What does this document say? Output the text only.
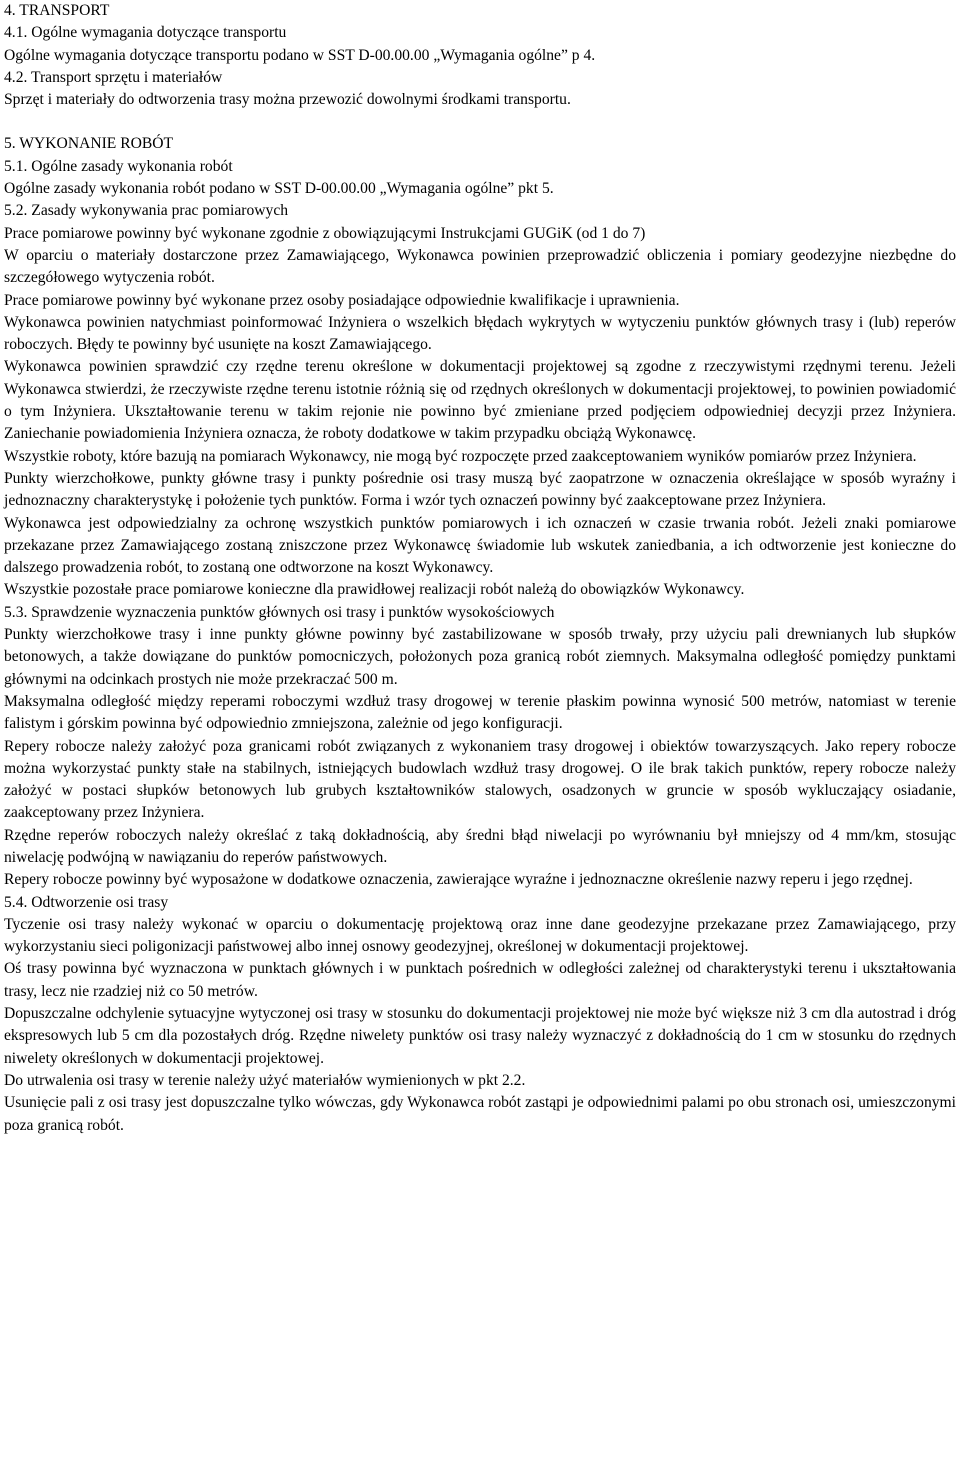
4. TRANSPORT

4.1. Ogólne wymagania dotyczące transportu

Ogólne wymagania dotyczące transportu podano w SST D-00.00.00 „Wymagania ogólne” p 4.

4.2. Transport sprzętu i materiałów

Sprzęt i materiały do odtworzenia trasy można przewozić dowolnymi środkami transportu.

5. WYKONANIE ROBÓT

5.1. Ogólne zasady wykonania robót

Ogólne zasady wykonania robót podano w SST D-00.00.00 „Wymagania ogólne” pkt 5.

5.2. Zasady wykonywania prac pomiarowych

Prace pomiarowe powinny być wykonane zgodnie z obowiązującymi Instrukcjami GUGiK (od 1 do 7)

W oparciu o materiały dostarczone przez Zamawiającego, Wykonawca powinien przeprowadzić obliczenia i pomiary geodezyjne niezbędne do szczegółowego wytyczenia robót.

Prace pomiarowe powinny być wykonane przez osoby posiadające odpowiednie kwalifikacje i uprawnienia.

Wykonawca powinien natychmiast poinformować Inżyniera o wszelkich błędach wykrytych w wytyczeniu punktów głównych trasy i (lub) reperów roboczych. Błędy te powinny być usunięte na koszt Zamawiającego.

Wykonawca powinien sprawdzić czy rzędne terenu określone w dokumentacji projektowej są zgodne z rzeczywistymi rzędnymi terenu. Jeżeli Wykonawca stwierdzi, że rzeczywiste rzędne terenu istotnie różnią się od rzędnych określonych w dokumentacji projektowej, to powinien powiadomić o tym Inżyniera. Ukształtowanie terenu w takim rejonie nie powinno być zmieniane przed podjęciem odpowiedniej decyzji przez Inżyniera. Zaniechanie powiadomienia Inżyniera oznacza, że roboty dodatkowe w takim przypadku obciążą Wykonawcę.

Wszystkie roboty, które bazują na pomiarach Wykonawcy, nie mogą być rozpoczęte przed zaakceptowaniem wyników pomiarów przez Inżyniera.

Punkty wierzchołkowe, punkty główne trasy i punkty pośrednie osi trasy muszą być zaopatrzone w oznaczenia określające w sposób wyraźny i jednoznaczny charakterystykę i położenie tych punktów. Forma i wzór tych oznaczeń powinny być zaakceptowane przez Inżyniera.

Wykonawca jest odpowiedzialny za ochronę wszystkich punktów pomiarowych i ich oznaczeń w czasie trwania robót. Jeżeli znaki pomiarowe przekazane przez Zamawiającego zostaną zniszczone przez Wykonawcę świadomie lub wskutek zaniedbania, a ich odtworzenie jest konieczne do dalszego prowadzenia robót, to zostaną one odtworzone na koszt Wykonawcy.

Wszystkie pozostałe prace pomiarowe konieczne dla prawidłowej realizacji robót należą do obowiązków Wykonawcy.

5.3. Sprawdzenie wyznaczenia punktów głównych osi trasy i punktów wysokościowych

Punkty wierzchołkowe trasy i inne punkty główne powinny być zastabilizowane w sposób trwały, przy użyciu pali drewnianych lub słupków betonowych, a także dowiązane do punktów pomocniczych, położonych poza granicą robót ziemnych. Maksymalna odległość pomiędzy punktami głównymi na odcinkach prostych nie może przekraczać 500 m.

Maksymalna odległość między reperami roboczymi wzdłuż trasy drogowej w terenie płaskim powinna wynosić 500 metrów, natomiast w terenie falistym i górskim powinna być odpowiednio zmniejszona, zależnie od jego konfiguracji.

Repery robocze należy założyć poza granicami robót związanych z wykonaniem trasy drogowej i obiektów towarzyszących. Jako repery robocze można wykorzystać punkty stałe na stabilnych, istniejących budowlach wzdłuż trasy drogowej. O ile brak takich punktów, repery robocze należy założyć w postaci słupków betonowych lub grubych kształtowników stalowych, osadzonych w gruncie w sposób wykluczający osiadanie, zaakceptowany przez Inżyniera.

Rzędne reperów roboczych należy określać z taką dokładnością, aby średni błąd niwelacji po wyrównaniu był mniejszy od 4 mm/km, stosując niwelację podwójną w nawiązaniu do reperów państwowych.

Repery robocze powinny być wyposażone w dodatkowe oznaczenia, zawierające wyraźne i jednoznaczne określenie nazwy reperu i jego rzędnej.

5.4. Odtworzenie osi trasy

Tyczenie osi trasy należy wykonać w oparciu o dokumentację projektową oraz inne dane geodezyjne przekazane przez Zamawiającego, przy wykorzystaniu sieci poligonizacji państwowej albo innej osnowy geodezyjnej, określonej w dokumentacji projektowej.

Oś trasy powinna być wyznaczona w punktach głównych i w punktach pośrednich w odległości zależnej od charakterystyki terenu i ukształtowania trasy, lecz nie rzadziej niż co 50 metrów.

Dopuszczalne odchylenie sytuacyjne wytyczonej osi trasy w stosunku do dokumentacji projektowej nie może być większe niż 3 cm dla autostrad i dróg ekspresowych lub 5 cm dla pozostałych dróg. Rzędne niwelety punktów osi trasy należy wyznaczyć z dokładnością do 1 cm w stosunku do rzędnych niwelety określonych w dokumentacji projektowej.

Do utrwalenia osi trasy w terenie należy użyć materiałów wymienionych w pkt 2.2.

Usunięcie pali z osi trasy jest dopuszczalne tylko wówczas, gdy Wykonawca robót zastąpi je odpowiednimi palami po obu stronach osi, umieszczonymi poza granicą robót.
